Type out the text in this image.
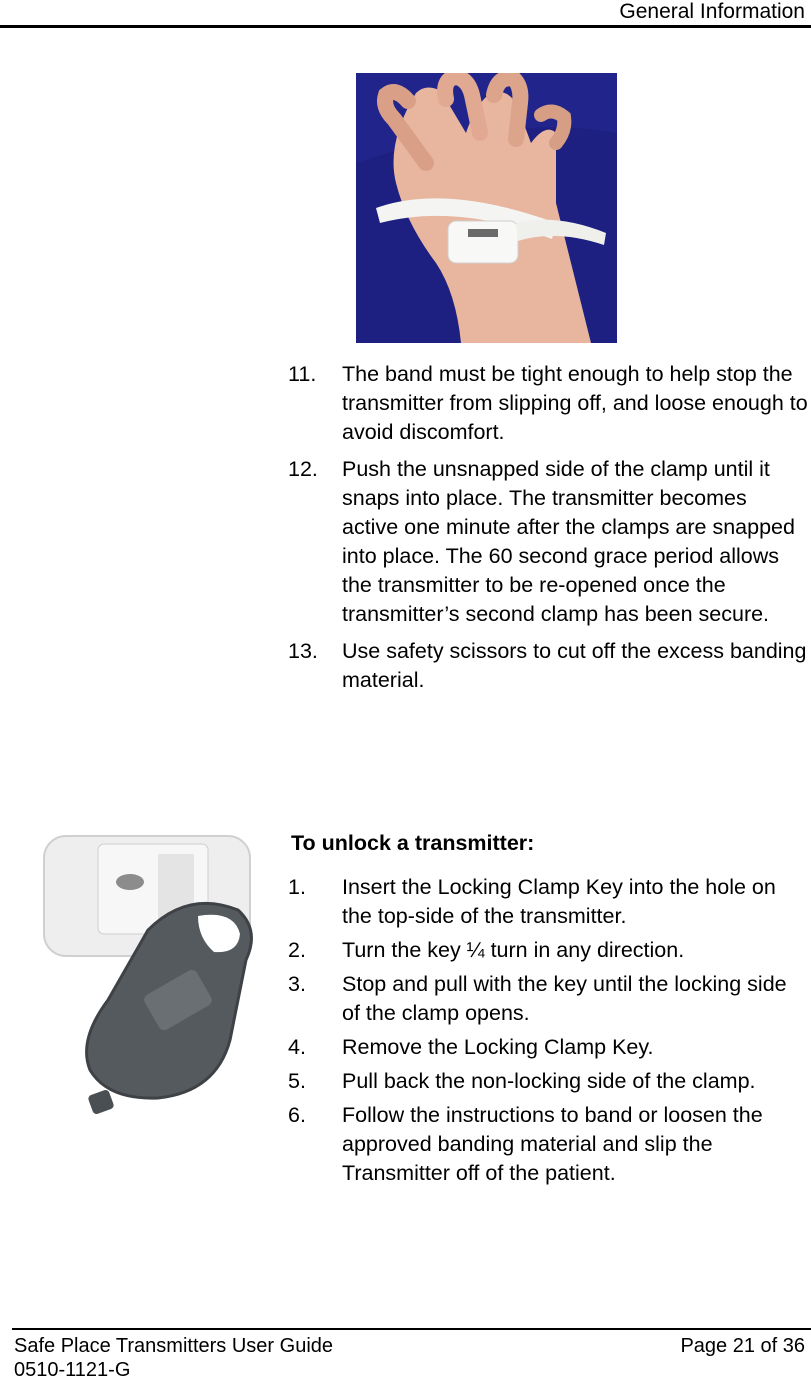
General Information
11. The band must be tight enough to help stop the transmitter from slipping off, and loose enough to avoid discomfort.
12. Push the unsnapped side of the clamp until it snaps into place. The transmitter becomes active one minute after the clamps are snapped into place. The 60 second grace period allows the transmitter to be re-opened once the transmitter’s second clamp has been secure.
13. Use safety scissors to cut off the excess banding material.
To unlock a transmitter:
1. Insert the Locking Clamp Key into the hole on the top-side of the transmitter.
2. Turn the key ¼ turn in any direction.
3. Stop and pull with the key until the locking side of the clamp opens.
4. Remove the Locking Clamp Key.
5. Pull back the non-locking side of the clamp.
6. Follow the instructions to band or loosen the approved banding material and slip the Transmitter off of the patient.
Safe Place Transmitters User Guide
0510-1121-G
Page 21 of 36
